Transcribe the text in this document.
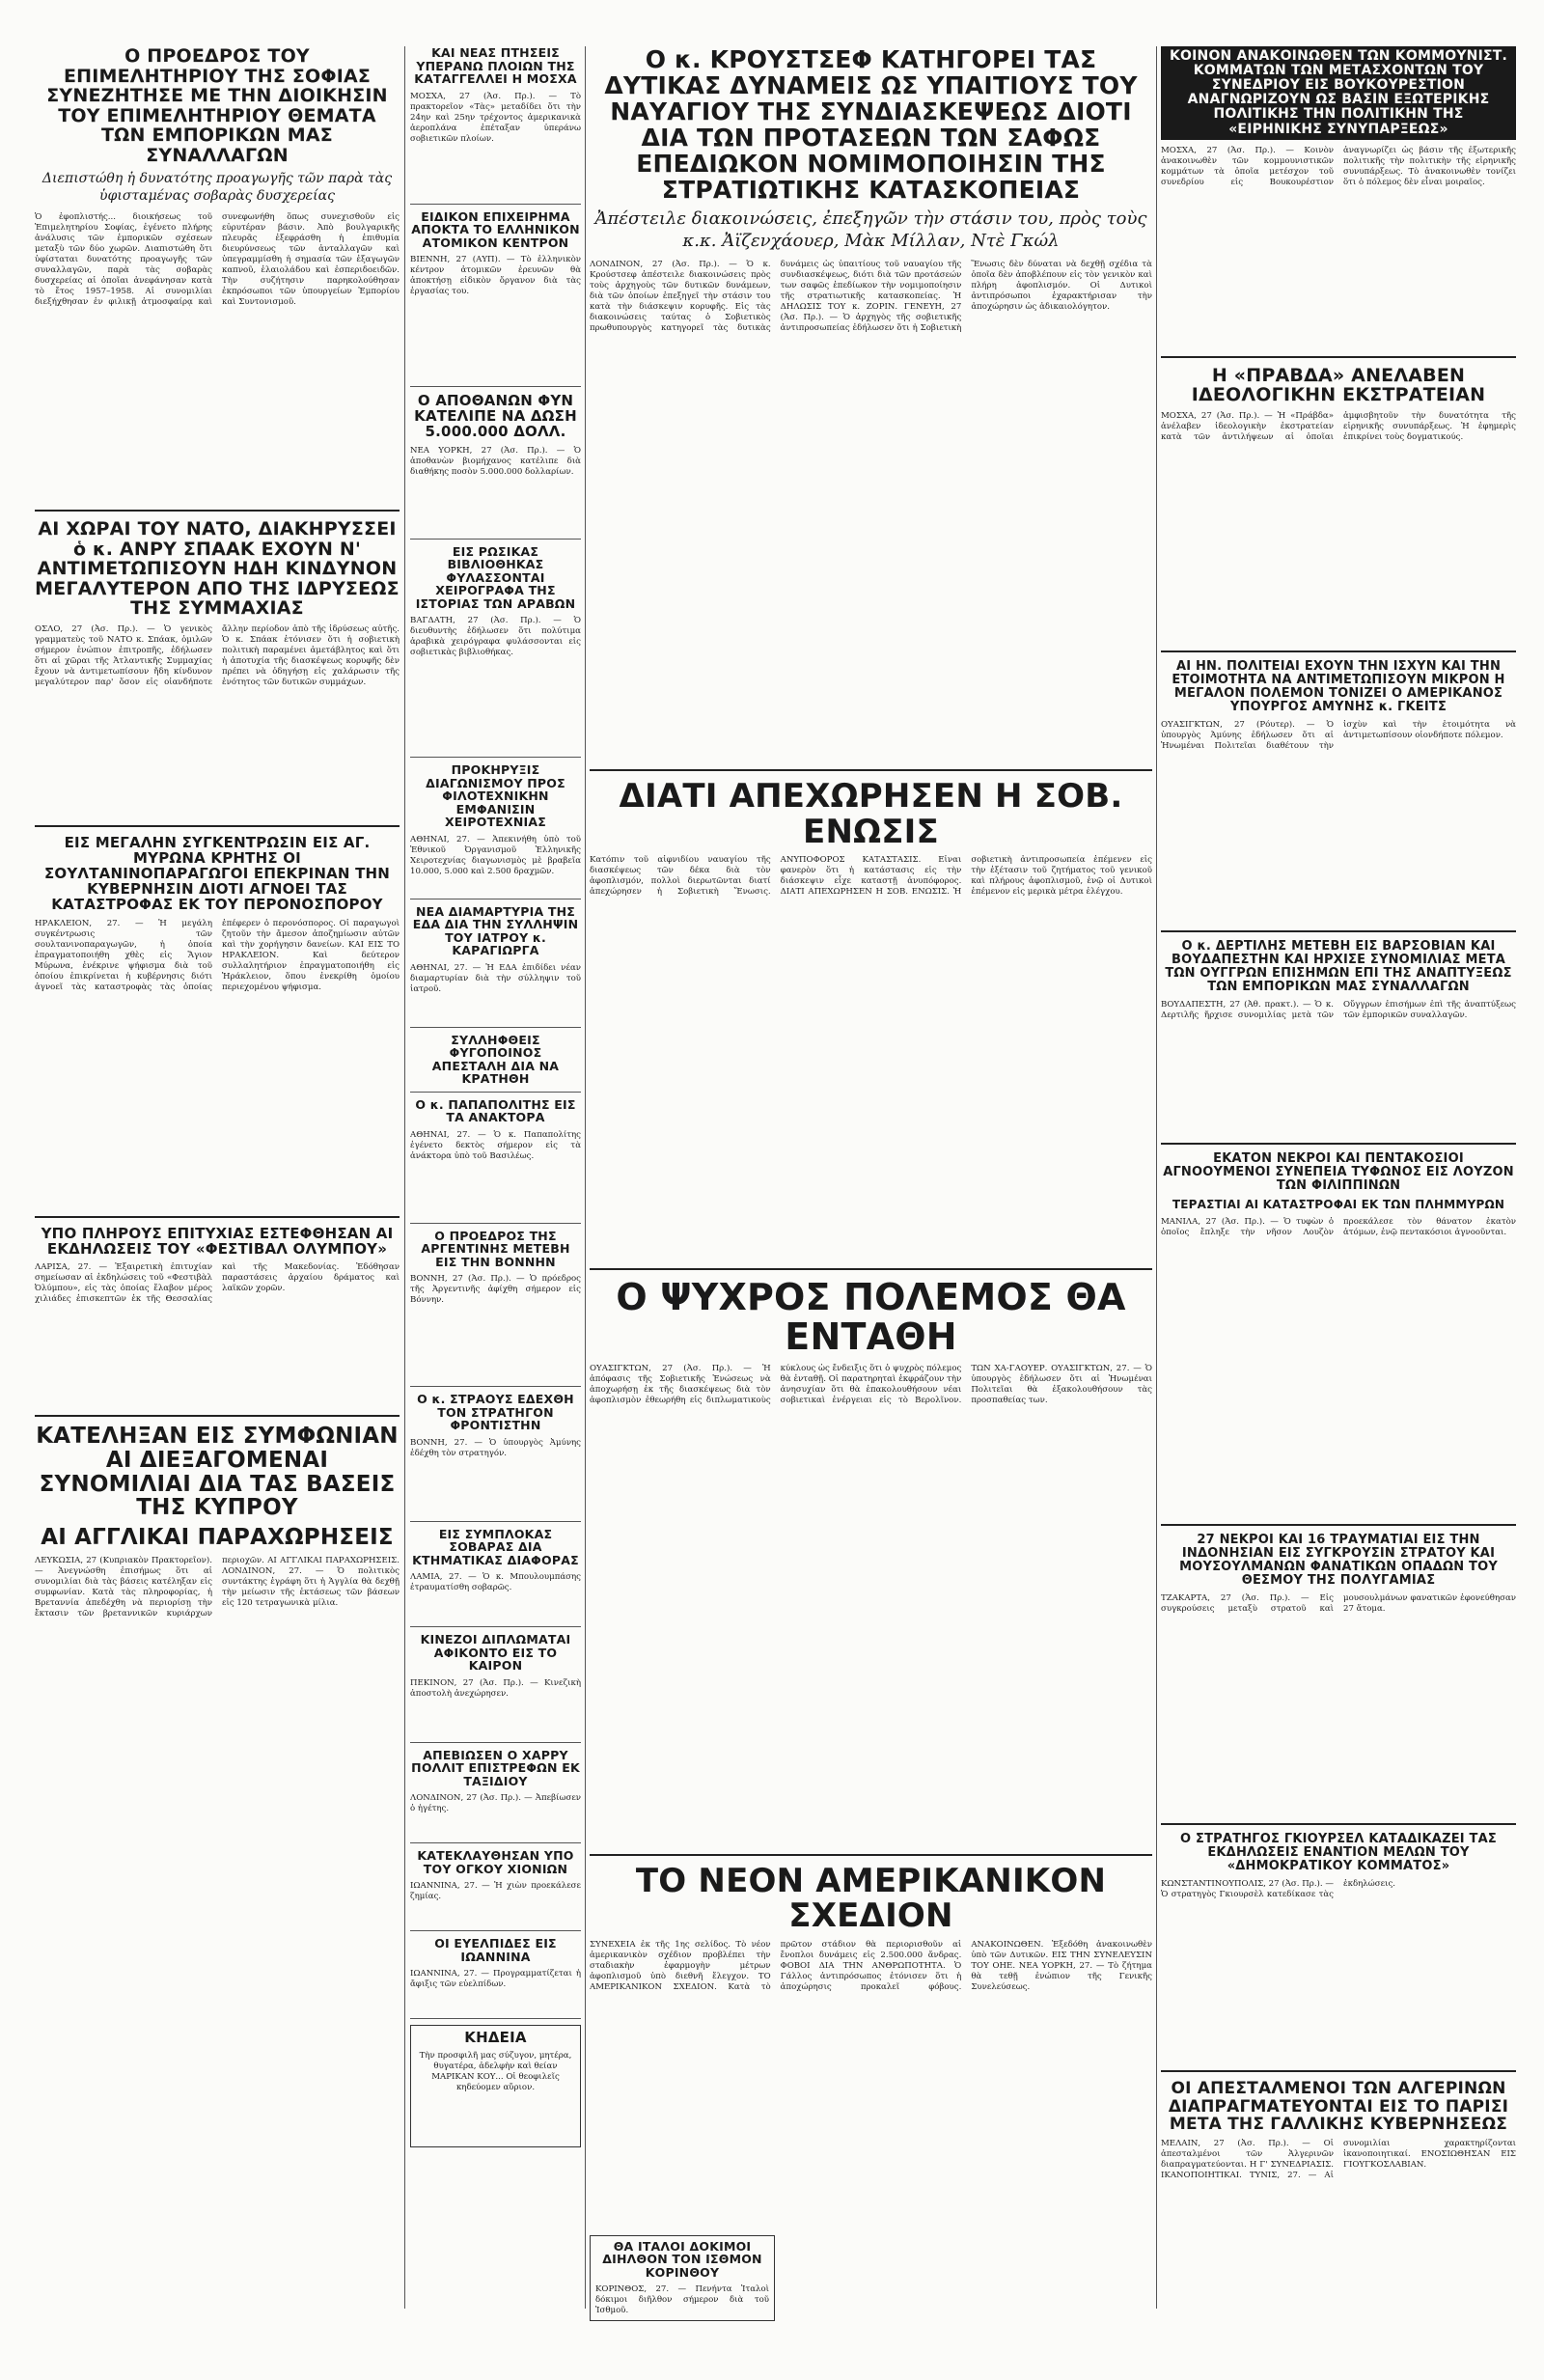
Ο ΠΡΟΕΔΡΟΣ ΤΟΥ ΕΠΙΜΕΛΗΤΗΡΙΟΥ ΤΗΣ ΣΟΦΙΑΣ ΣΥΝΕΖΗΤΗΣΕ ΜΕ ΤΗΝ ΔΙΟΙΚΗΣΙΝ ΤΟΥ ΕΠΙΜΕΛΗΤΗΡΙΟΥ ΘΕΜΑΤΑ ΤΩΝ ΕΜΠΟΡΙΚΩΝ ΜΑΣ ΣΥΝΑΛΛΑΓΩΝ
Διεπιστώθη ἡ δυνατότης προαγωγῆς τῶν παρὰ τὰς ὑφισταμένας σοβαρὰς δυσχερείας
Ὁ ἐφοπλιστής... διοικήσεως τοῦ Ἐπιμελητηρίου Σοφίας, ἐγένετο πλήρης ἀνάλυσις τῶν ἐμπορικῶν σχέσεων μεταξὺ τῶν δύο χωρῶν. Διαπιστώθη ὅτι ὑφίσταται δυνατότης προαγωγῆς τῶν συναλλαγῶν, παρὰ τὰς σοβαρὰς δυσχερείας αἱ ὁποῖαι ἀνεφάνησαν κατὰ τὸ ἔτος 1957–1958. Αἱ συνομιλίαι διεξήχθησαν ἐν φιλικῇ ἀτμοσφαίρᾳ καὶ συνεφωνήθη ὅπως συνεχισθοῦν εἰς εὐρυτέραν βάσιν. Ἀπὸ βουλγαρικῆς πλευρᾶς ἐξεφράσθη ἡ ἐπιθυμία διευρύνσεως τῶν ἀνταλλαγῶν καὶ ὑπεγραμμίσθη ἡ σημασία τῶν ἐξαγωγῶν καπνοῦ, ἐλαιολάδου καὶ ἐσπεριδοειδῶν. Τὴν συζήτησιν παρηκολούθησαν ἐκπρόσωποι τῶν ὑπουργείων Ἐμπορίου καὶ Συντονισμοῦ.
ΑΙ ΧΩΡΑΙ ΤΟΥ ΝΑΤΟ, ΔΙΑΚΗΡΥΣΣΕΙ ὁ κ. ΑΝΡΥ ΣΠΑΑΚ ΕΧΟΥΝ Ν' ΑΝΤΙΜΕΤΩΠΙΣΟΥΝ ΗΔΗ ΚΙΝΔΥΝΟΝ ΜΕΓΑΛΥΤΕΡΟΝ ΑΠΟ ΤΗΣ ΙΔΡΥΣΕΩΣ ΤΗΣ ΣΥΜΜΑΧΙΑΣ
ΟΣΛΟ, 27 (Ἀσ. Πρ.). — Ὁ γενικὸς γραμματεὺς τοῦ ΝΑΤΟ κ. Σπάακ, ὁμιλῶν σήμερον ἐνώπιον ἐπιτροπῆς, ἐδήλωσεν ὅτι αἱ χῶραι τῆς Ἀτλαντικῆς Συμμαχίας ἔχουν νὰ ἀντιμετωπίσουν ἤδη κίνδυνον μεγαλύτερον παρ' ὅσον εἰς οἱανδήποτε ἄλλην περίοδον ἀπὸ τῆς ἱδρύσεως αὐτῆς. Ὁ κ. Σπάακ ἐτόνισεν ὅτι ἡ σοβιετικὴ πολιτικὴ παραμένει ἀμετάβλητος καὶ ὅτι ἡ ἀποτυχία τῆς διασκέψεως κορυφῆς δὲν πρέπει νὰ ὁδηγήσῃ εἰς χαλάρωσιν τῆς ἑνότητος τῶν δυτικῶν συμμάχων.
ΕΙΣ ΜΕΓΑΛΗΝ ΣΥΓΚΕΝΤΡΩΣΙΝ ΕΙΣ ΑΓ. ΜΥΡΩΝΑ ΚΡΗΤΗΣ ΟΙ ΣΟΥΛΤΑΝΙΝΟΠΑΡΑΓΩΓΟΙ ΕΠΕΚΡΙΝΑΝ ΤΗΝ ΚΥΒΕΡΝΗΣΙΝ ΔΙΟΤΙ ΑΓΝΟΕΙ ΤΑΣ ΚΑΤΑΣΤΡΟΦΑΣ ΕΚ ΤΟΥ ΠΕΡΟΝΟΣΠΟΡΟΥ
ΗΡΑΚΛΕΙΟΝ, 27. — Ἡ μεγάλη συγκέντρωσις τῶν σουλτανινοπαραγωγῶν, ἡ ὁποία ἐπραγματοποιήθη χθὲς εἰς Ἅγιον Μύρωνα, ἐνέκρινε ψήφισμα διὰ τοῦ ὁποίου ἐπικρίνεται ἡ κυβέρνησις διότι ἀγνοεῖ τὰς καταστροφὰς τὰς ὁποίας ἐπέφερεν ὁ περονόσπορος. Οἱ παραγωγοὶ ζητοῦν τὴν ἄμεσον ἀποζημίωσιν αὐτῶν καὶ τὴν χορήγησιν δανείων. ΚΑΙ ΕΙΣ ΤΟ ΗΡΑΚΛΕΙΟΝ. Καὶ δεύτερον συλλαλητήριον ἐπραγματοποιήθη εἰς Ἡράκλειον, ὅπου ἐνεκρίθη ὁμοίου περιεχομένου ψήφισμα.
ΥΠΟ ΠΛΗΡΟΥΣ ΕΠΙΤΥΧΙΑΣ ΕΣΤΕΦΘΗΣΑΝ ΑΙ ΕΚΔΗΛΩΣΕΙΣ ΤΟΥ «ΦΕΣΤΙΒΑΛ ΟΛΥΜΠΟΥ»
ΛΑΡΙΣΑ, 27. — Ἐξαιρετικὴ ἐπιτυχίαν σημείωσαν αἱ ἐκδηλώσεις τοῦ «Φεστιβὰλ Ὀλύμπου», εἰς τὰς ὁποίας ἔλαβον μέρος χιλιάδες ἐπισκεπτῶν ἐκ τῆς Θεσσαλίας καὶ τῆς Μακεδονίας. Ἐδόθησαν παραστάσεις ἀρχαίου δράματος καὶ λαϊκῶν χορῶν.
ΚΑΤΕΛΗΞΑΝ ΕΙΣ ΣΥΜΦΩΝΙΑΝ ΑΙ ΔΙΕΞΑΓΟΜΕΝΑΙ ΣΥΝΟΜΙΛΙΑΙ ΔΙΑ ΤΑΣ ΒΑΣΕΙΣ ΤΗΣ ΚΥΠΡΟΥ
ΑΙ ΑΓΓΛΙΚΑΙ ΠΑΡΑΧΩΡΗΣΕΙΣ
ΛΕΥΚΩΣΙΑ, 27 (Κυπριακὸν Πρακτορεῖον). — Ἀνεγνώσθη ἐπισήμως ὅτι αἱ συνομιλίαι διὰ τὰς βάσεις κατέληξαν εἰς συμφωνίαν. Κατὰ τὰς πληροφορίας, ἡ Βρεταννία ἀπεδέχθη νὰ περιορίσῃ τὴν ἔκτασιν τῶν βρεταννικῶν κυριάρχων περιοχῶν. ΑΙ ΑΓΓΛΙΚΑΙ ΠΑΡΑΧΩΡΗΣΕΙΣ. ΛΟΝΔΙΝΟΝ, 27. — Ὁ πολιτικὸς συντάκτης ἐγράφη ὅτι ἡ Ἀγγλία θὰ δεχθῇ τὴν μείωσιν τῆς ἐκτάσεως τῶν βάσεων εἰς 120 τετραγωνικὰ μίλια.
ΚΑΙ ΝΕΑΣ ΠΤΗΣΕΙΣ ΥΠΕΡΑΝΩ ΠΛΟΙΩΝ ΤΗΣ ΚΑΤΑΓΓΕΛΛΕΙ Η ΜΟΣΧΑ
ΜΟΣΧΑ, 27 (Ἀσ. Πρ.). — Τὸ πρακτορεῖον «Τὰς» μεταδίδει ὅτι τὴν 24ην καὶ 25ην τρέχοντος ἀμερικανικὰ ἀεροπλάνα ἐπέταξαν ὑπεράνω σοβιετικῶν πλοίων.
ΕΙΔΙΚΟΝ ΕΠΙΧΕΙΡΗΜΑ ΑΠΟΚΤΑ ΤΟ ΕΛΛΗΝΙΚΟΝ ΑΤΟΜΙΚΟΝ ΚΕΝΤΡΟΝ
ΒΙΕΝΝΗ, 27 (ΑΥΠ). — Τὸ ἑλληνικὸν κέντρον ἀτομικῶν ἐρευνῶν θὰ ἀποκτήσῃ εἰδικὸν ὄργανον διὰ τὰς ἐργασίας του.
Ο ΑΠΟΘΑΝΩΝ ΦΥΝ ΚΑΤΕΛΙΠΕ ΝΑ ΔΩΣΗ 5.000.000 ΔΟΛΛ.
ΝΕΑ ΥΟΡΚΗ, 27 (Ἀσ. Πρ.). — Ὁ ἀποθανὼν βιομήχανος κατέλιπε διὰ διαθήκης ποσὸν 5.000.000 δολλαρίων.
ΕΙΣ ΡΩΣΙΚΑΣ ΒΙΒΛΙΟΘΗΚΑΣ ΦΥΛΑΣΣΟΝΤΑΙ ΧΕΙΡΟΓΡΑΦΑ ΤΗΣ ΙΣΤΟΡΙΑΣ ΤΩΝ ΑΡΑΒΩΝ
ΒΑΓΔΑΤΗ, 27 (Ἀσ. Πρ.). — Ὁ διευθυντὴς ἐδήλωσεν ὅτι πολύτιμα ἀραβικὰ χειρόγραφα φυλάσσονται εἰς σοβιετικὰς βιβλιοθήκας.
ΠΡΟΚΗΡΥΞΙΣ ΔΙΑΓΩΝΙΣΜΟΥ ΠΡΟΣ ΦΙΛΟΤΕΧΝΙΚΗΝ ΕΜΦΑΝΙΣΙΝ ΧΕΙΡΟΤΕΧΝΙΑΣ
ΑΘΗΝΑΙ, 27. — Ἀπεκινήθη ὑπὸ τοῦ Ἐθνικοῦ Ὀργανισμοῦ Ἑλληνικῆς Χειροτεχνίας διαγωνισμὸς μὲ βραβεῖα 10.000, 5.000 καὶ 2.500 δραχμῶν.
ΝΕΑ ΔΙΑΜΑΡΤΥΡΙΑ ΤΗΣ ΕΔΑ ΔΙΑ ΤΗΝ ΣΥΛΛΗΨΙΝ ΤΟΥ ΙΑΤΡΟΥ κ. ΚΑΡΑΓΙΩΡΓΑ
ΑΘΗΝΑΙ, 27. — Ἡ ΕΔΑ ἐπιδίδει νέαν διαμαρτυρίαν διὰ τὴν σύλληψιν τοῦ ἰατροῦ.
ΣΥΛΛΗΦΘΕΙΣ ΦΥΓΟΠΟΙΝΟΣ ΑΠΕΣΤΑΛΗ ΔΙΑ ΝΑ ΚΡΑΤΗΘΗ
Ο κ. ΠΑΠΑΠΟΛΙΤΗΣ ΕΙΣ ΤΑ ΑΝΑΚΤΟΡΑ
ΑΘΗΝΑΙ, 27. — Ὁ κ. Παπαπολίτης ἐγένετο δεκτὸς σήμερον εἰς τὰ ἀνάκτορα ὑπὸ τοῦ Βασιλέως.
Ο ΠΡΟΕΔΡΟΣ ΤΗΣ ΑΡΓΕΝΤΙΝΗΣ ΜΕΤΕΒΗ ΕΙΣ ΤΗΝ ΒΟΝΝΗΝ
ΒΟΝΝΗ, 27 (Ἀσ. Πρ.). — Ὁ πρόεδρος τῆς Ἀργεντινῆς ἀφίχθη σήμερον εἰς Βόννην.
Ο κ. ΣΤΡΑΟΥΣ ΕΔΕΧΘΗ ΤΟΝ ΣΤΡΑΤΗΓΟΝ ΦΡΟΝΤΙΣΤΗΝ
ΒΟΝΝΗ, 27. — Ὁ ὑπουργὸς Ἀμύνης ἐδέχθη τὸν στρατηγόν.
ΕΙΣ ΣΥΜΠΛΟΚΑΣ ΣΟΒΑΡΑΣ ΔΙΑ ΚΤΗΜΑΤΙΚΑΣ ΔΙΑΦΟΡΑΣ
ΛΑΜΙΑ, 27. — Ὁ κ. Μπουλουμπάσης ἐτραυματίσθη σοβαρῶς.
ΚΙΝΕΖΟΙ ΔΙΠΛΩΜΑΤΑΙ ΑΦΙΚΟΝΤΟ ΕΙΣ ΤΟ ΚΑΙΡΟΝ
ΠΕΚΙΝΟΝ, 27 (Ἀσ. Πρ.). — Κινεζικὴ ἀποστολὴ ἀνεχώρησεν.
ΑΠΕΒΙΩΣΕΝ Ο ΧΑΡΡΥ ΠΟΛΛΙΤ ΕΠΙΣΤΡΕΦΩΝ ΕΚ ΤΑΞΙΔΙΟΥ
ΛΟΝΔΙΝΟΝ, 27 (Ἀσ. Πρ.). — Ἀπεβίωσεν ὁ ἡγέτης.
ΚΑΤΕΚΛΑΥΘΗΣΑΝ ΥΠΟ ΤΟΥ ΟΓΚΟΥ ΧΙΟΝΙΩΝ
ΙΩΑΝΝΙΝΑ, 27. — Ἡ χιὼν προεκάλεσε ζημίας.
ΟΙ ΕΥΕΛΠΙΔΕΣ ΕΙΣ ΙΩΑΝΝΙΝΑ
ΙΩΑΝΝΙΝΑ, 27. — Προγραμματίζεται ἡ ἄφιξις τῶν εὐελπίδων.
ΚΗΔΕΙΑ
Τὴν προσφιλῆ μας σύζυγον, μητέρα, θυγατέρα, ἀδελφὴν καὶ θείαν ΜΑΡΙΚΑΝ ΚΟΥ... Οἱ θεοφιλεῖς κηδεύομεν αὔριον.
Ο κ. ΚΡΟΥΣΤΣΕΦ ΚΑΤΗΓΟΡΕΙ ΤΑΣ ΔΥΤΙΚΑΣ ΔΥΝΑΜΕΙΣ ΩΣ ΥΠΑΙΤΙΟΥΣ ΤΟΥ ΝΑΥΑΓΙΟΥ ΤΗΣ ΣΥΝΔΙΑΣΚΕΨΕΩΣ ΔΙΟΤΙ ΔΙΑ ΤΩΝ ΠΡΟΤΑΣΕΩΝ ΤΩΝ ΣΑΦΩΣ ΕΠΕΔΙΩΚΟΝ ΝΟΜΙΜΟΠΟΙΗΣΙΝ ΤΗΣ ΣΤΡΑΤΙΩΤΙΚΗΣ ΚΑΤΑΣΚΟΠΕΙΑΣ
Ἀπέστειλε διακοινώσεις, ἐπεξηγῶν τὴν στάσιν του, πρὸς τοὺς κ.κ. Ἀϊζενχάουερ, Μὰκ Μίλλαν, Ντὲ Γκώλ
ΛΟΝΔΙΝΟΝ, 27 (Ἀσ. Πρ.). — Ὁ κ. Κρούστσεφ ἀπέστειλε διακοινώσεις πρὸς τοὺς ἀρχηγοὺς τῶν δυτικῶν δυνάμεων, διὰ τῶν ὁποίων ἐπεξηγεῖ τὴν στάσιν του κατὰ τὴν διάσκεψιν κορυφῆς. Εἰς τὰς διακοινώσεις ταύτας ὁ Σοβιετικὸς πρωθυπουργὸς κατηγορεῖ τὰς δυτικὰς δυνάμεις ὡς ὑπαιτίους τοῦ ναυαγίου τῆς συνδιασκέψεως, διότι διὰ τῶν προτάσεών των σαφῶς ἐπεδίωκον τὴν νομιμοποίησιν τῆς στρατιωτικῆς κατασκοπείας. Ἡ ΔΗΛΩΣΙΣ ΤΟΥ κ. ΖΟΡΙΝ. ΓΕΝΕΥΗ, 27 (Ἀσ. Πρ.). — Ὁ ἀρχηγὸς τῆς σοβιετικῆς ἀντιπροσωπείας ἐδήλωσεν ὅτι ἡ Σοβιετικὴ Ἕνωσις δὲν δύναται νὰ δεχθῇ σχέδια τὰ ὁποῖα δὲν ἀποβλέπουν εἰς τὸν γενικὸν καὶ πλήρη ἀφοπλισμόν. Οἱ Δυτικοὶ ἀντιπρόσωποι ἐχαρακτήρισαν τὴν ἀποχώρησιν ὡς ἀδικαιολόγητον.
ΔΙΑΤΙ ΑΠΕΧΩΡΗΣΕΝ Η ΣΟΒ. ΕΝΩΣΙΣ
Κατόπιν τοῦ αἰφνιδίου ναυαγίου τῆς διασκέψεως τῶν δέκα διὰ τὸν ἀφοπλισμόν, πολλοὶ διερωτῶνται διατί ἀπεχώρησεν ἡ Σοβιετικὴ Ἕνωσις. ΑΝΥΠΟΦΟΡΟΣ ΚΑΤΑΣΤΑΣΙΣ. Εἶναι φανερὸν ὅτι ἡ κατάστασις εἰς τὴν διάσκεψιν εἶχε καταστῇ ἀνυπόφορος. ΔΙΑΤΙ ΑΠΕΧΩΡΗΣΕΝ Η ΣΟΒ. ΕΝΩΣΙΣ. Ἡ σοβιετικὴ ἀντιπροσωπεία ἐπέμενεν εἰς τὴν ἐξέτασιν τοῦ ζητήματος τοῦ γενικοῦ καὶ πλήρους ἀφοπλισμοῦ, ἐνῷ οἱ Δυτικοὶ ἐπέμενον εἰς μερικὰ μέτρα ἐλέγχου.
Ο ΨΥΧΡΟΣ ΠΟΛΕΜΟΣ ΘΑ ΕΝΤΑΘΗ
ΟΥΑΣΙΓΚΤΩΝ, 27 (Ἀσ. Πρ.). — Ἡ ἀπόφασις τῆς Σοβιετικῆς Ἑνώσεως νὰ ἀποχωρήσῃ ἐκ τῆς διασκέψεως διὰ τὸν ἀφοπλισμὸν ἐθεωρήθη εἰς διπλωματικοὺς κύκλους ὡς ἔνδειξις ὅτι ὁ ψυχρὸς πόλεμος θὰ ἐνταθῇ. Οἱ παρατηρηταὶ ἐκφράζουν τὴν ἀνησυχίαν ὅτι θὰ ἐπακολουθήσουν νέαι σοβιετικαὶ ἐνέργειαι εἰς τὸ Βερολῖνον. ΤΩΝ ΧΑ-ΓΑΟΥΕΡ. ΟΥΑΣΙΓΚΤΩΝ, 27. — Ὁ ὑπουργὸς ἐδήλωσεν ὅτι αἱ Ἡνωμέναι Πολιτεῖαι θὰ ἐξακολουθήσουν τὰς προσπαθείας των.
ΤΟ ΝΕΟΝ ΑΜΕΡΙΚΑΝΙΚΟΝ ΣΧΕΔΙΟΝ
ΣΥΝΕΧΕΙΑ ἐκ τῆς 1ης σελίδος. Τὸ νέον ἀμερικανικὸν σχέδιον προβλέπει τὴν σταδιακὴν ἐφαρμογὴν μέτρων ἀφοπλισμοῦ ὑπὸ διεθνῆ ἔλεγχον. ΤΟ ΑΜΕΡΙΚΑΝΙΚΟΝ ΣΧΕΔΙΟΝ. Κατὰ τὸ πρῶτον στάδιον θὰ περιορισθοῦν αἱ ἔνοπλοι δυνάμεις εἰς 2.500.000 ἄνδρας. ΦΟΒΟΙ ΔΙΑ ΤΗΝ ΑΝΘΡΩΠΟΤΗΤΑ. Ὁ Γάλλος ἀντιπρόσωπος ἐτόνισεν ὅτι ἡ ἀποχώρησις προκαλεῖ φόβους. ΑΝΑΚΟΙΝΩΘΕΝ. Ἐξεδόθη ἀνακοινωθὲν ὑπὸ τῶν Δυτικῶν. ΕΙΣ ΤΗΝ ΣΥΝΕΛΕΥΣΙΝ ΤΟΥ ΟΗΕ. ΝΕΑ ΥΟΡΚΗ, 27. — Τὸ ζήτημα θὰ τεθῇ ἐνώπιον τῆς Γενικῆς Συνελεύσεως.
ΘΑ ΙΤΑΛΟΙ ΔΟΚΙΜΟΙ ΔΙΗΛΘΟΝ ΤΟΝ ΙΣΘΜΟΝ ΚΟΡΙΝΘΟΥ
ΚΟΡΙΝΘΟΣ, 27. — Πενήντα Ἰταλοὶ δόκιμοι διῆλθον σήμερον διὰ τοῦ Ἰσθμοῦ.
ΚΟΙΝΟΝ ΑΝΑΚΟΙΝΩΘΕΝ ΤΩΝ ΚΟΜΜΟΥΝΙΣΤ. ΚΟΜΜΑΤΩΝ ΤΩΝ ΜΕΤΑΣΧΟΝΤΩΝ ΤΟΥ ΣΥΝΕΔΡΙΟΥ ΕΙΣ ΒΟΥΚΟΥΡΕΣΤΙΟΝ ΑΝΑΓΝΩΡΙΖΟΥΝ ΩΣ ΒΑΣΙΝ ΕΞΩΤΕΡΙΚΗΣ ΠΟΛΙΤΙΚΗΣ ΤΗΝ ΠΟΛΙΤΙΚΗΝ ΤΗΣ «ΕΙΡΗΝΙΚΗΣ ΣΥΝΥΠΑΡΞΕΩΣ»
ΜΟΣΧΑ, 27 (Ἀσ. Πρ.). — Κοινὸν ἀνακοινωθὲν τῶν κομμουνιστικῶν κομμάτων τὰ ὁποῖα μετέσχον τοῦ συνεδρίου εἰς Βουκουρέστιον ἀναγνωρίζει ὡς βάσιν τῆς ἐξωτερικῆς πολιτικῆς τὴν πολιτικὴν τῆς εἰρηνικῆς συνυπάρξεως. Τὸ ἀνακοινωθὲν τονίζει ὅτι ὁ πόλεμος δὲν εἶναι μοιραῖος.
Η «ΠΡΑΒΔΑ» ΑΝΕΛΑΒΕΝ ΙΔΕΟΛΟΓΙΚΗΝ ΕΚΣΤΡΑΤΕΙΑΝ
ΜΟΣΧΑ, 27 (Ἀσ. Πρ.). — Ἡ «Πράβδα» ἀνέλαβεν ἰδεολογικὴν ἐκστρατείαν κατὰ τῶν ἀντιλήψεων αἱ ὁποῖαι ἀμφισβητοῦν τὴν δυνατότητα τῆς εἰρηνικῆς συνυπάρξεως. Ἡ ἐφημερὶς ἐπικρίνει τοὺς δογματικούς.
ΑΙ ΗΝ. ΠΟΛΙΤΕΙΑΙ ΕΧΟΥΝ ΤΗΝ ΙΣΧΥΝ ΚΑΙ ΤΗΝ ΕΤΟΙΜΟΤΗΤΑ ΝΑ ΑΝΤΙΜΕΤΩΠΙΣΟΥΝ ΜΙΚΡΟΝ Η ΜΕΓΑΛΟΝ ΠΟΛΕΜΟΝ ΤΟΝΙΖΕΙ Ο ΑΜΕΡΙΚΑΝΟΣ ΥΠΟΥΡΓΟΣ ΑΜΥΝΗΣ κ. ΓΚΕΙΤΣ
ΟΥΑΣΙΓΚΤΩΝ, 27 (Ρόυτερ). — Ὁ ὑπουργὸς Ἀμύνης ἐδήλωσεν ὅτι αἱ Ἡνωμέναι Πολιτεῖαι διαθέτουν τὴν ἰσχὺν καὶ τὴν ἑτοιμότητα νὰ ἀντιμετωπίσουν οἱονδήποτε πόλεμον.
Ο κ. ΔΕΡΤΙΛΗΣ ΜΕΤΕΒΗ ΕΙΣ ΒΑΡΣΟΒΙΑΝ ΚΑΙ ΒΟΥΔΑΠΕΣΤΗΝ ΚΑΙ ΗΡΧΙΣΕ ΣΥΝΟΜΙΛΙΑΣ ΜΕΤΑ ΤΩΝ ΟΥΓΓΡΩΝ ΕΠΙΣΗΜΩΝ ΕΠΙ ΤΗΣ ΑΝΑΠΤΥΞΕΩΣ ΤΩΝ ΕΜΠΟΡΙΚΩΝ ΜΑΣ ΣΥΝΑΛΛΑΓΩΝ
ΒΟΥΔΑΠΕΣΤΗ, 27 (Ἀθ. πρακτ.). — Ὁ κ. Δερτιλῆς ἤρχισε συνομιλίας μετὰ τῶν Οὔγγρων ἐπισήμων ἐπὶ τῆς ἀναπτύξεως τῶν ἐμπορικῶν συναλλαγῶν.
ΕΚΑΤΟΝ ΝΕΚΡΟΙ ΚΑΙ ΠΕΝΤΑΚΟΣΙΟΙ ΑΓΝΟΟΥΜΕΝΟΙ ΣΥΝΕΠΕΙΑ ΤΥΦΩΝΟΣ ΕΙΣ ΛΟΥΖΟΝ ΤΩΝ ΦΙΛΙΠΠΙΝΩΝ
ΤΕΡΑΣΤΙΑΙ ΑΙ ΚΑΤΑΣΤΡΟΦΑΙ ΕΚ ΤΩΝ ΠΛΗΜΜΥΡΩΝ
ΜΑΝΙΛΑ, 27 (Ἀσ. Πρ.). — Ὁ τυφὼν ὁ ὁποῖος ἔπληξε τὴν νῆσον Λουζὸν προεκάλεσε τὸν θάνατον ἑκατὸν ἀτόμων, ἐνῷ πεντακόσιοι ἀγνοοῦνται.
27 ΝΕΚΡΟΙ ΚΑΙ 16 ΤΡΑΥΜΑΤΙΑΙ ΕΙΣ ΤΗΝ ΙΝΔΟΝΗΣΙΑΝ ΕΙΣ ΣΥΓΚΡΟΥΣΙΝ ΣΤΡΑΤΟΥ ΚΑΙ ΜΟΥΣΟΥΛΜΑΝΩΝ ΦΑΝΑΤΙΚΩΝ ΟΠΑΔΩΝ ΤΟΥ ΘΕΣΜΟΥ ΤΗΣ ΠΟΛΥΓΑΜΙΑΣ
ΤΖΑΚΑΡΤΑ, 27 (Ἀσ. Πρ.). — Εἰς συγκρούσεις μεταξὺ στρατοῦ καὶ μουσουλμάνων φανατικῶν ἐφονεύθησαν 27 ἄτομα.
Ο ΣΤΡΑΤΗΓΟΣ ΓΚΙΟΥΡΣΕΛ ΚΑΤΑΔΙΚΑΖΕΙ ΤΑΣ ΕΚΔΗΛΩΣΕΙΣ ΕΝΑΝΤΙΟΝ ΜΕΛΩΝ ΤΟΥ «ΔΗΜΟΚΡΑΤΙΚΟΥ ΚΟΜΜΑΤΟΣ»
ΚΩΝΣΤΑΝΤΙΝΟΥΠΟΛΙΣ, 27 (Ἀσ. Πρ.). — Ὁ στρατηγὸς Γκιουρσὲλ κατεδίκασε τὰς ἐκδηλώσεις.
ΟΙ ΑΠΕΣΤΑΛΜΕΝΟΙ ΤΩΝ ΑΛΓΕΡΙΝΩΝ ΔΙΑΠΡΑΓΜΑΤΕΥΟΝΤΑΙ ΕΙΣ ΤΟ ΠΑΡΙΣΙ ΜΕΤΑ ΤΗΣ ΓΑΛΛΙΚΗΣ ΚΥΒΕΡΝΗΣΕΩΣ
ΜΕΛΑΙΝ, 27 (Ἀσ. Πρ.). — Οἱ ἀπεσταλμένοι τῶν Ἀλγερινῶν διαπραγματεύονται. Η Γ' ΣΥΝΕΔΡΙΑΣΙΣ. ΙΚΑΝΟΠΟΙΗΤΙΚΑΙ. ΤΥΝΙΣ, 27. — Αἱ συνομιλίαι χαρακτηρίζονται ἱκανοποιητικαί. ΕΝΟΣΙΩΘΗΣΑΝ ΕΙΣ ΓΙΟΥΓΚΟΣΛΑΒΙΑΝ.
